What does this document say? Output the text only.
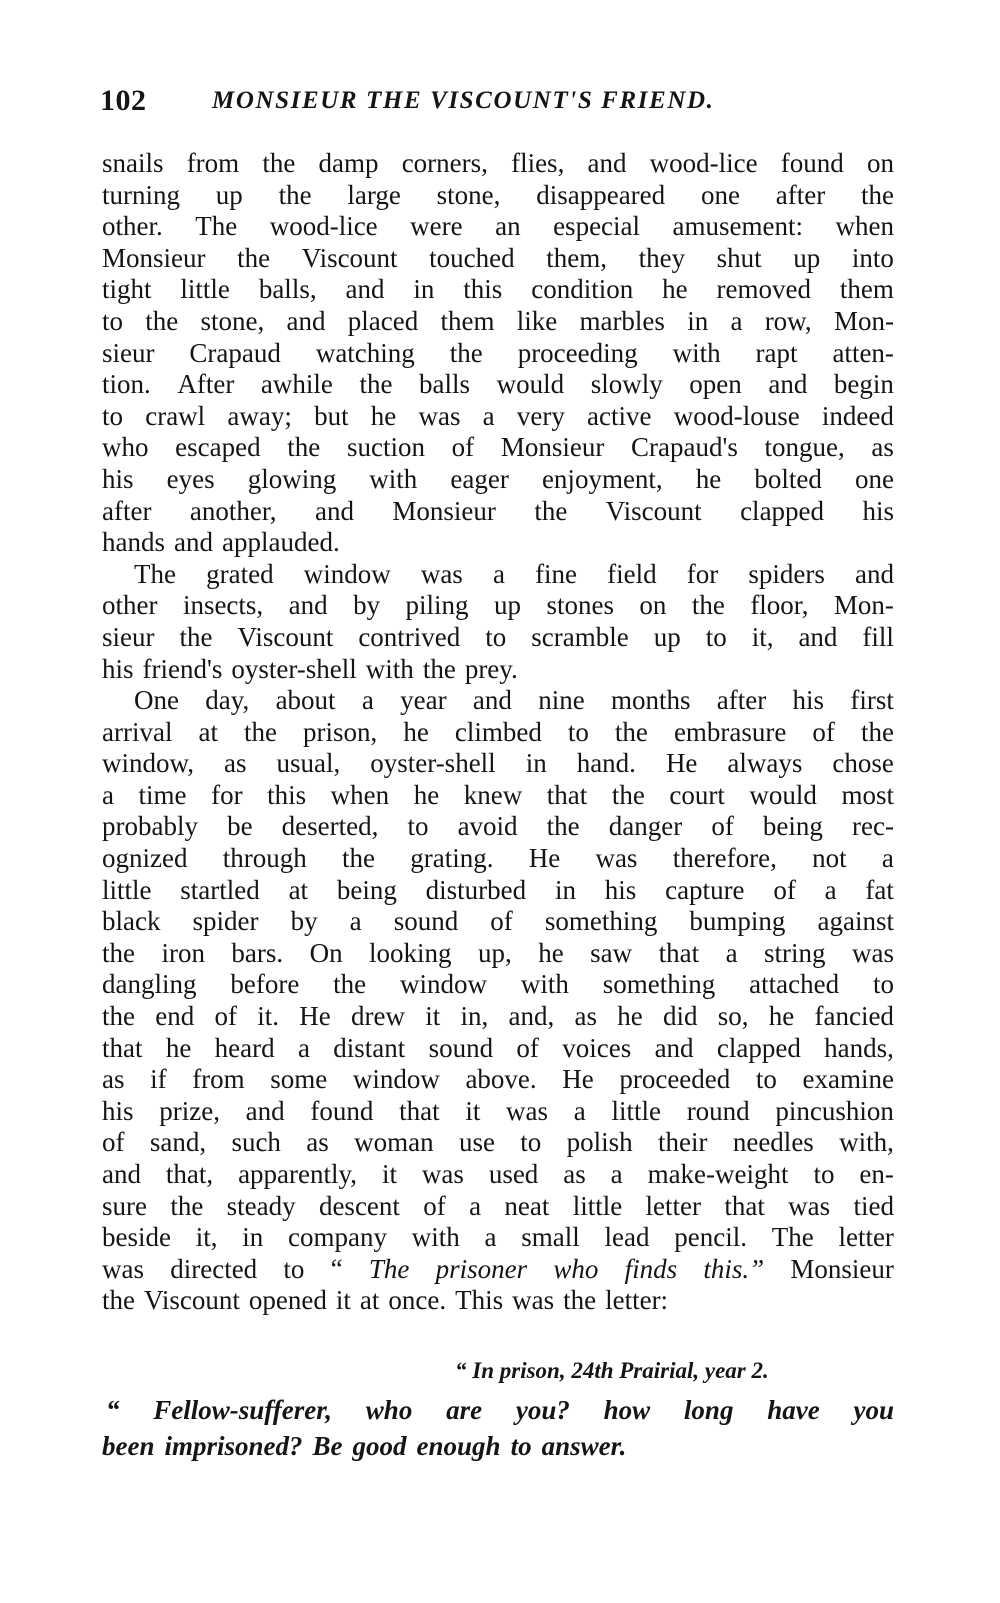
102	MONSIEUR THE VISCOUNT'S FRIEND.
snails from the damp corners, flies, and wood-lice found on
turning up the large stone, disappeared one after the
other. The wood-lice were an especial amusement: when
Monsieur the Viscount touched them, they shut up into
tight little balls, and in this condition he removed them
to the stone, and placed them like marbles in a row, Mon-
sieur Crapaud watching the proceeding with rapt atten-
tion. After awhile the balls would slowly open and begin
to crawl away; but he was a very active wood-louse indeed
who escaped the suction of Monsieur Crapaud's tongue, as
his eyes glowing with eager enjoyment, he bolted one
after another, and Monsieur the Viscount clapped his
hands and applauded.
The grated window was a fine field for spiders and
other insects, and by piling up stones on the floor, Mon-
sieur the Viscount contrived to scramble up to it, and fill
his friend's oyster-shell with the prey.
One day, about a year and nine months after his first
arrival at the prison, he climbed to the embrasure of the
window, as usual, oyster-shell in hand. He always chose
a time for this when he knew that the court would most
probably be deserted, to avoid the danger of being rec-
ognized through the grating. He was therefore, not a
little startled at being disturbed in his capture of a fat
black spider by a sound of something bumping against
the iron bars. On looking up, he saw that a string was
dangling before the window with something attached to
the end of it. He drew it in, and, as he did so, he fancied
that he heard a distant sound of voices and clapped hands,
as if from some window above. He proceeded to examine
his prize, and found that it was a little round pincushion
of sand, such as woman use to polish their needles with,
and that, apparently, it was used as a make-weight to en-
sure the steady descent of a neat little letter that was tied
beside it, in company with a small lead pencil. The letter
was directed to “ The prisoner who finds this.” Monsieur
the Viscount opened it at once. This was the letter:
“ In prison, 24th Prairial, year 2.
“ Fellow-sufferer, who are you? how long have you
been imprisoned? Be good enough to answer.
